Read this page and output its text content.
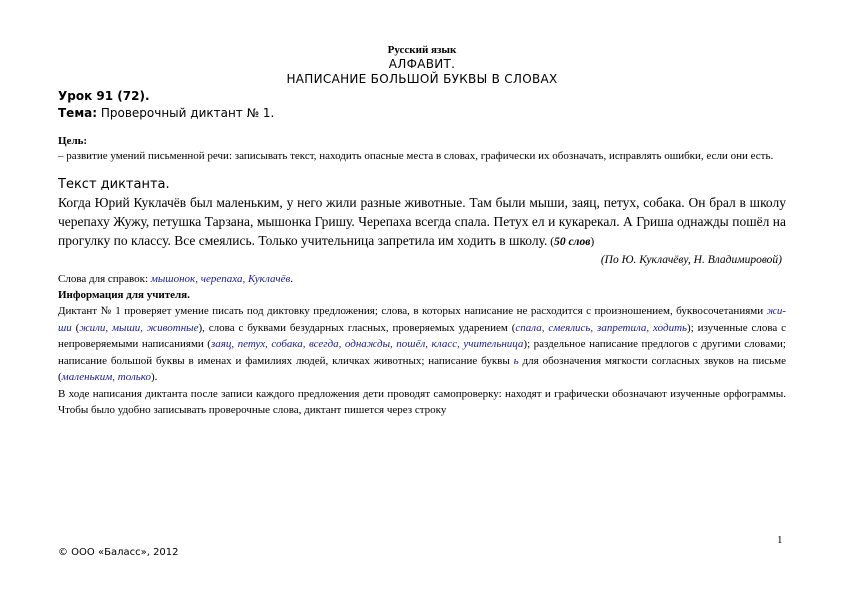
Русский язык
АЛФАВИТ.
НАПИСАНИЕ БОЛЬШОЙ БУКВЫ В СЛОВАХ
Урок 91 (72).
Тема: Проверочный диктант № 1.
Цель:
– развитие умений письменной речи: записывать текст, находить опасные места в словах, графически их обозначать, исправлять ошибки, если они есть.
Текст диктанта.
Когда Юрий Куклачёв был маленьким, у него жили разные животные. Там были мыши, заяц, петух, собака. Он брал в школу черепаху Жужу, петушка Тарзана, мышонка Гришу. Черепаха всегда спала. Петух ел и кукарекал. А Гриша однажды пошёл на прогулку по классу. Все смеялись. Только учительница запретила им ходить в школу. (50 слов)
(По Ю. Куклачёву, Н. Владимировой)
Слова для справок: мышонок, черепаха, Куклачёв.
Информация для учителя.
Диктант № 1 проверяет умение писать под диктовку предложения; слова, в которых написание не расходится с произношением, буквосочетаниями жи-ши (жили, мыши, животные), слова с буквами безударных гласных, проверяемых ударением (спала, смеялись, запретила, ходить); изученные слова с непроверяемыми написаниями (заяц, петух, собака, всегда, однажды, пошёл, класс, учительница); раздельное написание предлогов с другими словами; написание большой буквы в именах и фамилиях людей, кличках животных; написание буквы ь для обозначения мягкости согласных звуков на письме (маленьким, только).
В ходе написания диктанта после записи каждого предложения дети проводят самопроверку: находят и графически обозначают изученные орфограммы. Чтобы было удобно записывать проверочные слова, диктант пишется через строку
1
© ООО «Баласс», 2012
